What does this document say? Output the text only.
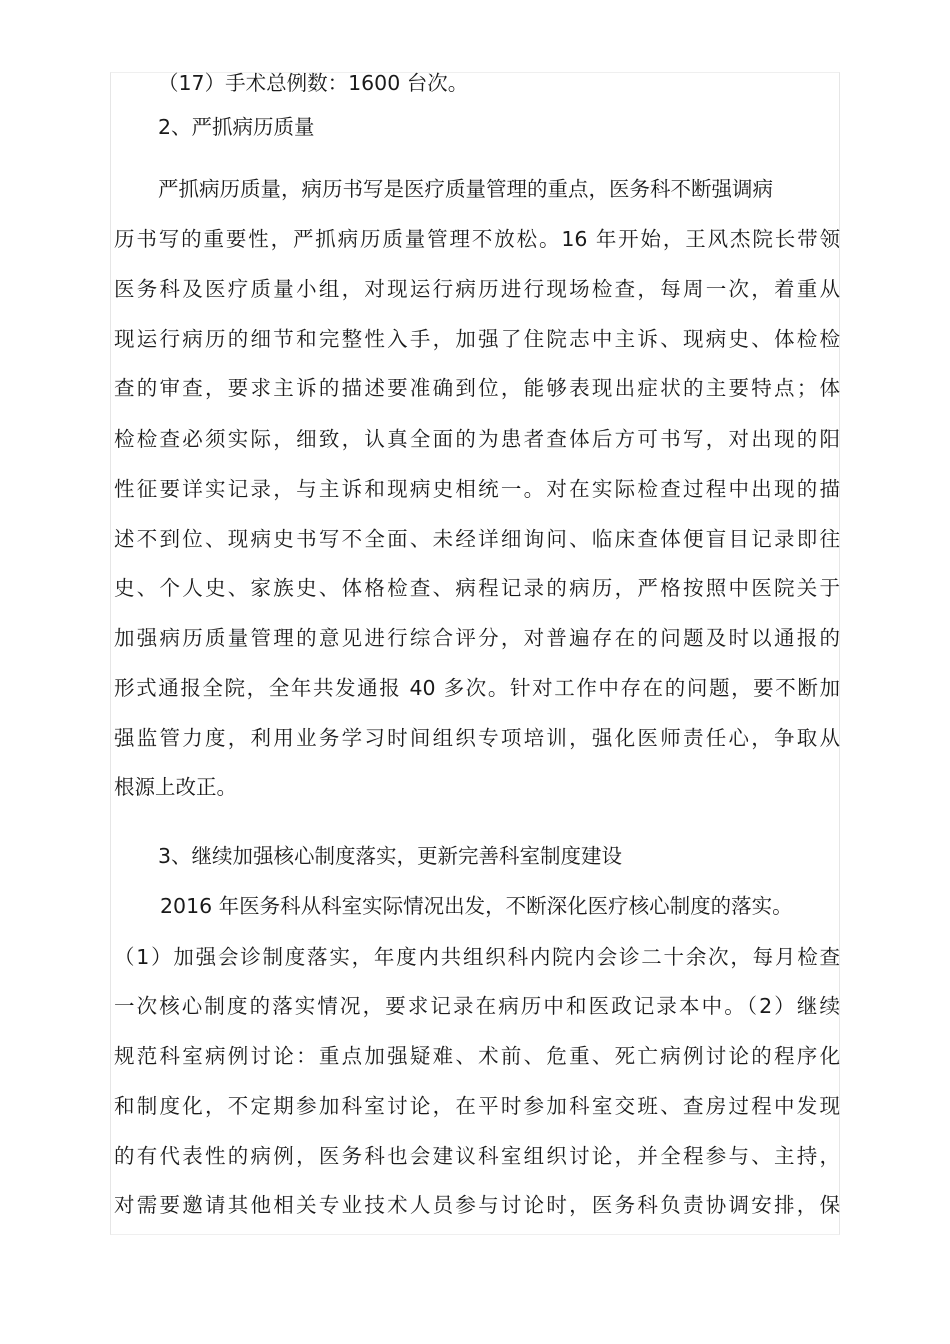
（17）手术总例数：1600 台次。
2、严抓病历质量
严抓病历质量，病历书写是医疗质量管理的重点，医务科不断强调病
历书写的重要性，严抓病历质量管理不放松。16 年开始，王风杰院长带领
医务科及医疗质量小组，对现运行病历进行现场检查，每周一次，着重从
现运行病历的细节和完整性入手，加强了住院志中主诉、现病史、体检检
查的审查，要求主诉的描述要准确到位，能够表现出症状的主要特点；体
检检查必须实际，细致，认真全面的为患者查体后方可书写，对出现的阳
性征要详实记录，与主诉和现病史相统一。对在实际检查过程中出现的描
述不到位、现病史书写不全面、未经详细询问、临床查体便盲目记录即往
史、个人史、家族史、体格检查、病程记录的病历，严格按照中医院关于
加强病历质量管理的意见进行综合评分，对普遍存在的问题及时以通报的
形式通报全院，全年共发通报 40 多次。针对工作中存在的问题，要不断加
强监管力度，利用业务学习时间组织专项培训，强化医师责任心，争取从
根源上改正。
3、继续加强核心制度落实，更新完善科室制度建设
2016 年医务科从科室实际情况出发，不断深化医疗核心制度的落实。
（1）加强会诊制度落实，年度内共组织科内院内会诊二十余次，每月检查
一次核心制度的落实情况，要求记录在病历中和医政记录本中。（2）继续
规范科室病例讨论：重点加强疑难、术前、危重、死亡病例讨论的程序化
和制度化，不定期参加科室讨论，在平时参加科室交班、查房过程中发现
的有代表性的病例，医务科也会建议科室组织讨论，并全程参与、主持，
对需要邀请其他相关专业技术人员参与讨论时，医务科负责协调安排，保
